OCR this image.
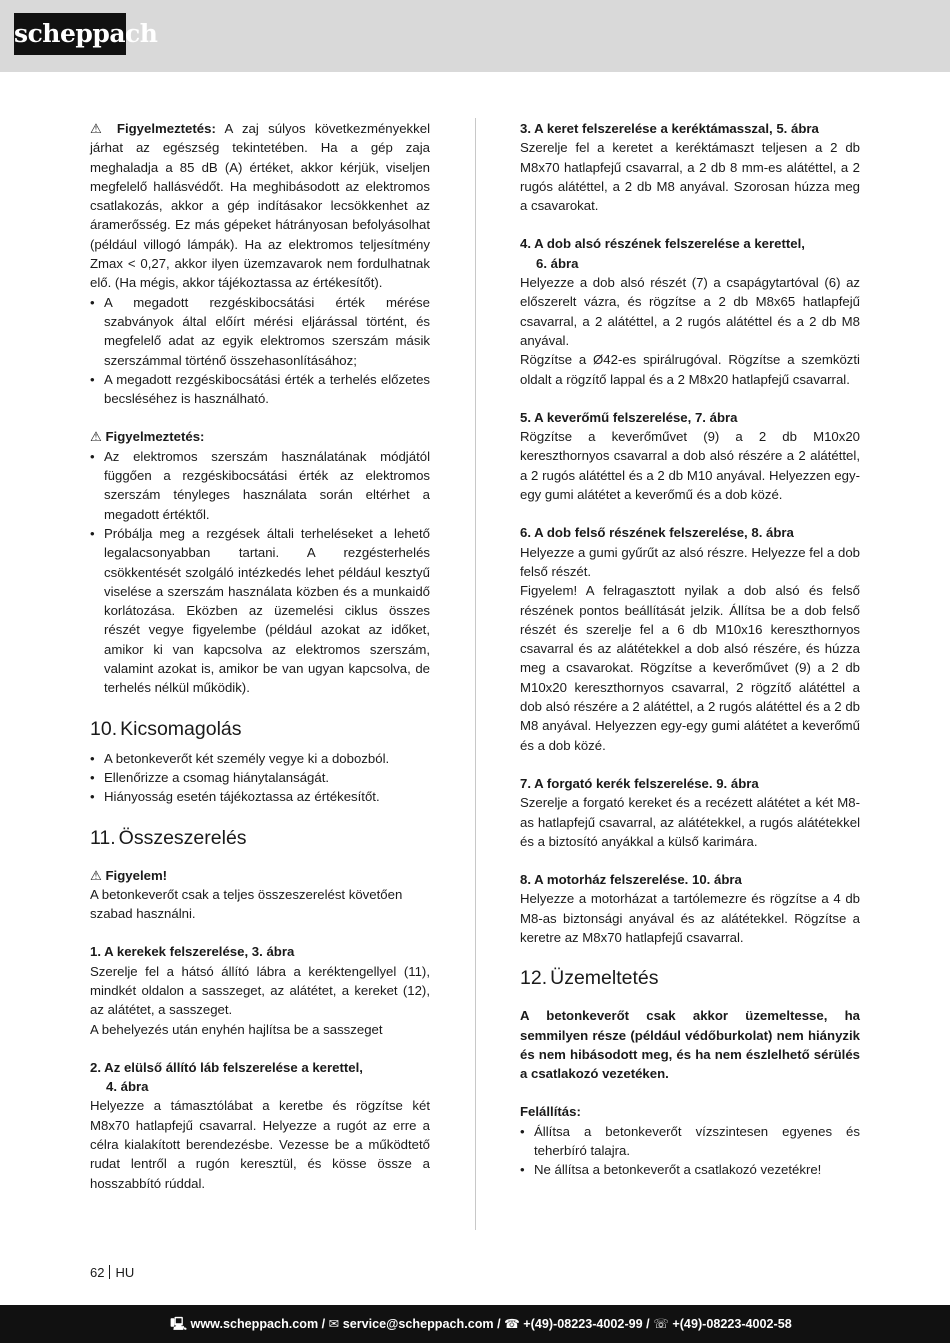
scheppach

⚠ Figyelmeztetés: A zaj súlyos következményekkel járhat az egészség tekintetében. Ha a gép zaja meghaladja a 85 dB (A) értéket, akkor kérjük, viseljen megfelelő hallásvédőt. Ha meghibásodott az elektromos csatlakozás, akkor a gép indításakor lecsökkenhet az áramerősség. Ez más gépeket hátrányosan befolyásolhat (például villogó lámpák). Ha az elektromos teljesítmény Zmax < 0,27, akkor ilyen üzemzavarok nem fordulhatnak elő. (Ha mégis, akkor tájékoztassa az értékesítőt).

• A megadott rezgéskibocsátási érték mérése szabványok által előírt mérési eljárással történt, és megfelelő adat az egyik elektromos szerszám másik szerszámmal történő összehasonlításához;
• A megadott rezgéskibocsátási érték a terhelés előzetes becsléséhez is használható.

⚠ Figyelmeztetés:

• Az elektromos szerszám használatának módjától függően a rezgéskibocsátási érték az elektromos szerszám tényleges használata során eltérhet a megadott értéktől.
• Próbálja meg a rezgések általi terheléseket a lehető legalacsonyabban tartani. A rezgésterhelés csökkentését szolgáló intézkedés lehet például kesztyű viselése a szerszám használata közben és a munkaidő korlátozása. Eközben az üzemelési ciklus összes részét vegye figyelembe (például azokat az időket, amikor ki van kapcsolva az elektromos szerszám, valamint azokat is, amikor be van ugyan kapcsolva, de terhelés nélkül működik).
10. Kicsomagolás
• A betonkeverőt két személy vegye ki a dobozból.
• Ellenőrizze a csomag hiánytalanságát.
• Hiányosság esetén tájékoztassa az értékesítőt.
11. Összeszerelés

⚠ Figyelem!

A betonkeverőt csak a teljes összeszerelést követően szabad használni.

1. A kerekek felszerelése, 3. ábra

Szerelje fel a hátsó állító lábra a keréktengellyel (11), mindkét oldalon a sasszeget, az alátétet, a kereket (12), az alátétet, a sasszeget.

A behelyezés után enyhén hajlítsa be a sasszeget

2. Az elülső állító láb felszerelése a kerettel,

4. ábra

Helyezze a támasztólábat a keretbe és rögzítse két M8x70 hatlapfejű csavarral. Helyezze a rugót az erre a célra kialakított berendezésbe. Vezesse be a működtető rudat lentről a rugón keresztül, és kösse össze a hosszabbító rúddal.

3. A keret felszerelése a keréktámasszal, 5. ábra

Szerelje fel a keretet a keréktámaszt teljesen a 2 db M8x70 hatlapfejű csavarral, a 2 db 8 mm-es alátéttel, a 2 rugós alátéttel, a 2 db M8 anyával. Szorosan húzza meg a csavarokat.

4. A dob alsó részének felszerelése a kerettel,

6. ábra

Helyezze a dob alsó részét (7) a csapágytartóval (6) az előszerelt vázra, és rögzítse a 2 db M8x65 hatlapfejű csavarral, a 2 alátéttel, a 2 rugós alátéttel és a 2 db M8 anyával.

Rögzítse a Ø42-es spirálrugóval. Rögzítse a szemközti oldalt a rögzítő lappal és a 2 M8x20 hatlapfejű csavarral.

5. A keverőmű felszerelése, 7. ábra

Rögzítse a keverőművet (9) a 2 db M10x20 kereszthornyos csavarral a dob alsó részére a 2 alátéttel, a 2 rugós alátéttel és a 2 db M10 anyával. Helyezzen egy-egy gumi alátétet a keverőmű és a dob közé.

6. A dob felső részének felszerelése, 8. ábra

Helyezze a gumi gyűrűt az alsó részre. Helyezze fel a dob felső részét.

Figyelem! A felragasztott nyilak a dob alsó és felső részének pontos beállítását jelzik. Állítsa be a dob felső részét és szerelje fel a 6 db M10x16 kereszthornyos csavarral és az alátétekkel a dob alsó részére, és húzza meg a csavarokat. Rögzítse a keverőművet (9) a 2 db M10x20 kereszthornyos csavarral, 2 rögzítő alátéttel a dob alsó részére a 2 alátéttel, a 2 rugós alátéttel és a 2 db M8 anyával. Helyezzen egy-egy gumi alátétet a keverőmű és a dob közé.

7. A forgató kerék felszerelése. 9. ábra

Szerelje a forgató kereket és a recézett alátétet a két M8-as hatlapfejű csavarral, az alátétekkel, a rugós alátétekkel és a biztosító anyákkal a külső karimára.

8. A motorház felszerelése. 10. ábra

Helyezze a motorházat a tartólemezre és rögzítse a 4 db M8-as biztonsági anyával és az alátétekkel. Rögzítse a keretre az M8x70 hatlapfejű csavarral.

12. Üzemeltetés

A betonkeverőt csak akkor üzemeltesse, ha semmilyen része (például védőburkolat) nem hiányzik és nem hibásodott meg, és ha nem észlelhető sérülés a csatlakozó vezetéken.

Felállítás:

• Állítsa a betonkeverőt vízszintesen egyenes és teherbíró talajra.
• Ne állítsa a betonkeverőt a csatlakozó vezetékre!
62 HU
🖳 www.scheppach.com / ✉ service@scheppach.com / ☎ +(49)-08223-4002-99 / ☏ +(49)-08223-4002-58
